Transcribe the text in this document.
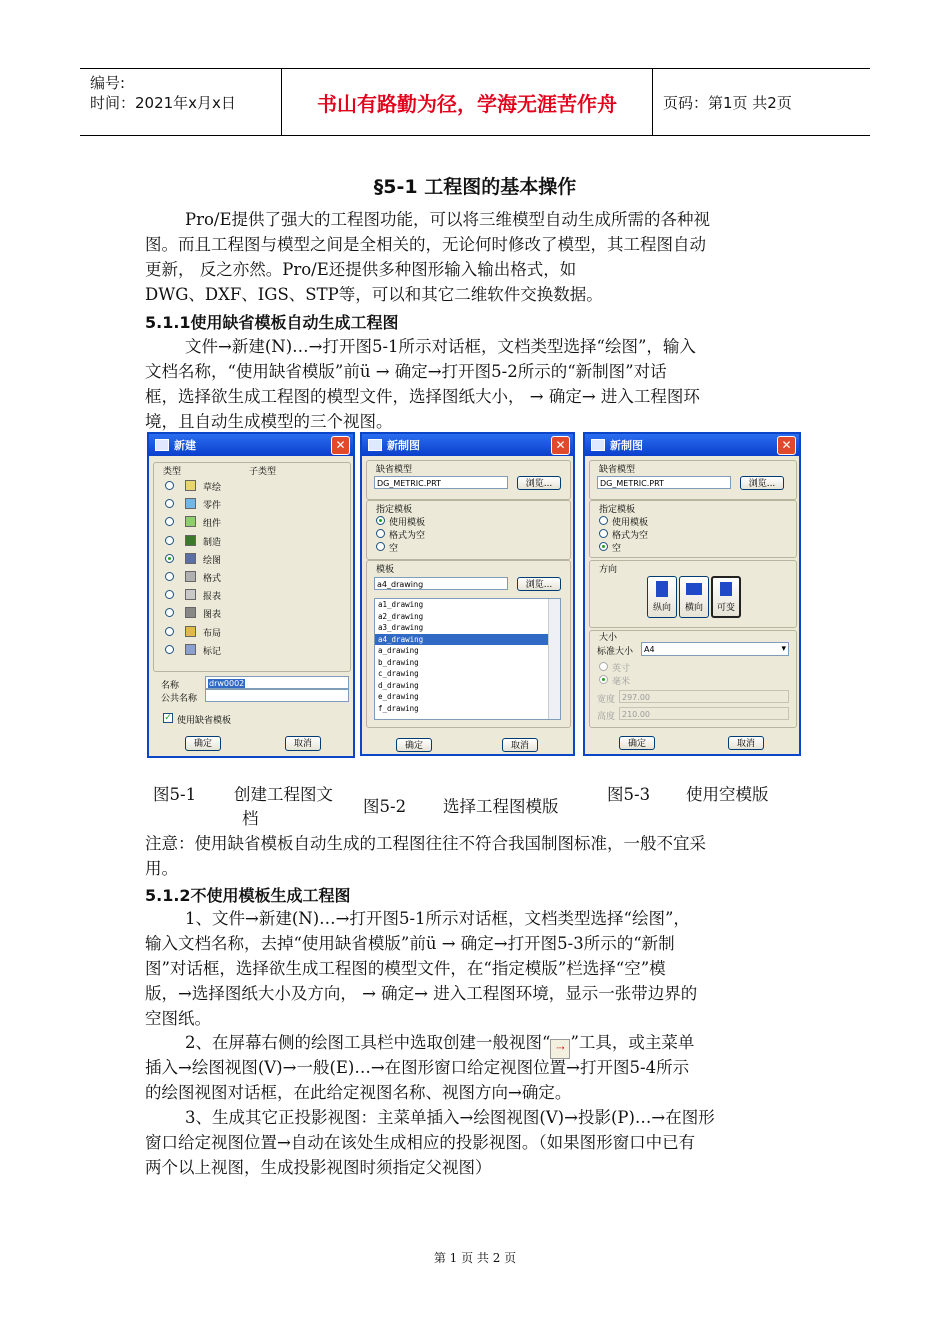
编号:
时间：2021年x月x日	书山有路勤为径，学海无涯苦作舟	页码：第1页 共2页
§5-1 工程图的基本操作
Pro/E提供了强大的工程图功能，可以将三维模型自动生成所需的各种视
图。而且工程图与模型之间是全相关的，无论何时修改了模型，其工程图自动
更新， 反之亦然。Pro/E还提供多种图形输入输出格式，如
DWG、DXF、IGS、STP等，可以和其它二维软件交换数据。
5.1.1使用缺省模板自动生成工程图
文件→新建(N)…→打开图5-1所示对话框，文档类型选择“绘图”，输入
文档名称，“使用缺省模版”前ü → 确定→打开图5-2所示的“新制图”对话
框，选择欲生成工程图的模型文件，选择图纸大小， → 确定→ 进入工程图环
境，且自动生成模型的三个视图。
新建	✕
类型	子类型
名称	drw0002
公共名称
✓ 使用缺省模板
确定	取消
草绘
零件
组件
制造
绘图
格式
报表
图表
布局
标记
新制图	✕
缺省模型
DG_METRIC.PRT	浏览...
指定模板
使用模板
格式为空
空
模板
a4_drawing	浏览...
a1_drawing
a2_drawing
a3_drawing
a4_drawing
a_drawing
b_drawing
c_drawing
d_drawing
e_drawing
f_drawing
确定	取消
新制图	✕
缺省模型
DG_METRIC.PRT	浏览...
指定模板
使用模板
格式为空
空
方向
纵向	横向	可变
大小
标准大小	A4	▾
英寸
毫米
宽度 297.00
高度 210.00
确定	取消
图5-1 创建工程图文
档
图5-2 选择工程图模版
图5-3 使用空模版
注意：使用缺省模板自动生成的工程图往往不符合我国制图标准，一般不宜采
用。
5.1.2不使用模板生成工程图
1、文件→新建(N)…→打开图5-1所示对话框，文档类型选择“绘图”，
输入文档名称，去掉“使用缺省模版”前ü → 确定→打开图5-3所示的“新制
图”对话框，选择欲生成工程图的模型文件，在“指定模版”栏选择“空”模
版，→选择图纸大小及方向， → 确定→ 进入工程图环境，显示一张带边界的
空图纸。
2、在屏幕右侧的绘图工具栏中选取创建一般视图“ ⇢ ”工具，或主菜单
插入→绘图视图(V)→一般(E)…→在图形窗口给定视图位置→打开图5-4所示
的绘图视图对话框，在此给定视图名称、视图方向→确定。
3、生成其它正投影视图：主菜单插入→绘图视图(V)→投影(P)…→在图形
窗口给定视图位置→自动在该处生成相应的投影视图。（如果图形窗口中已有
两个以上视图，生成投影视图时须指定父视图）
第 1 页 共 2 页
